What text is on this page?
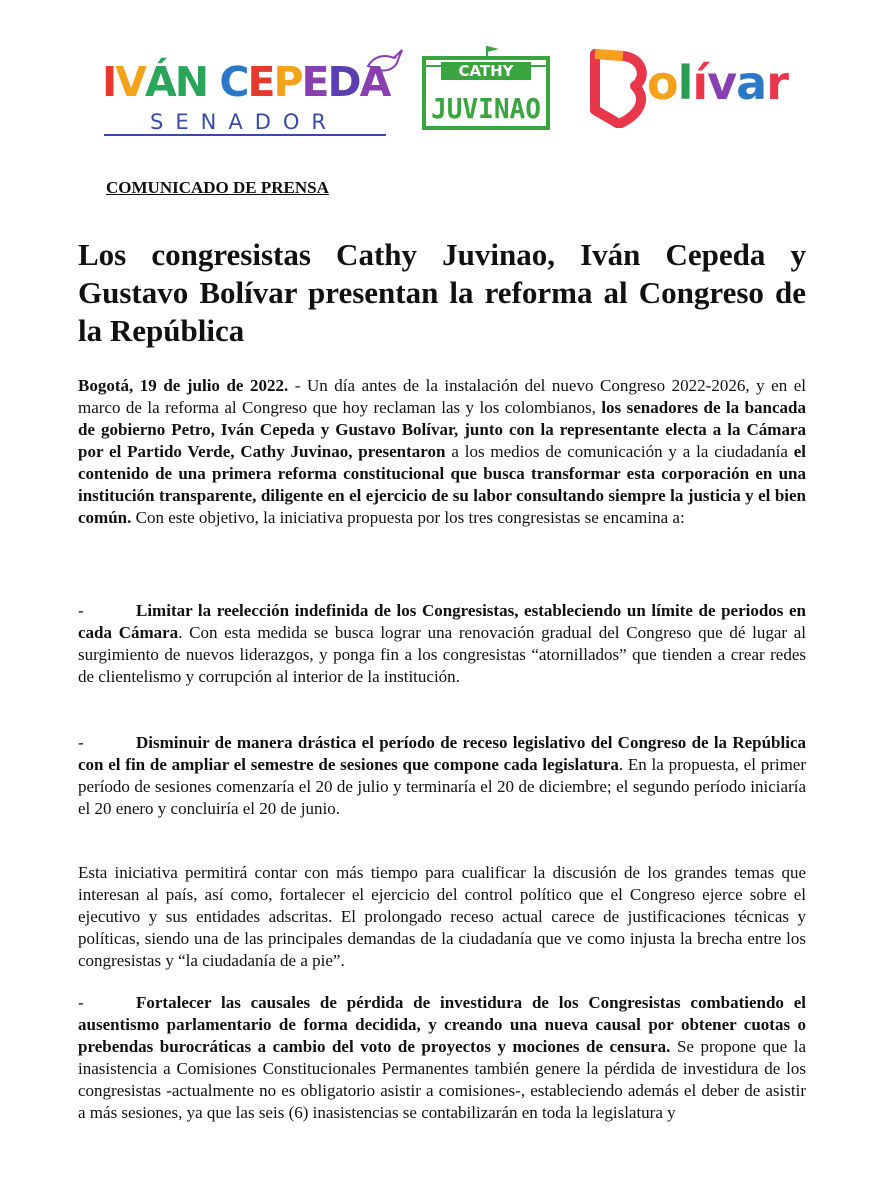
IVÁN CEPEDA
SENADOR
CATHY
JUVINAO olívar
COMUNICADO DE PRENSA
Los congresistas Cathy Juvinao, Iván Cepeda y Gustavo Bolívar presentan la reforma al Congreso de la República

Bogotá, 19 de julio de 2022. - Un día antes de la instalación del nuevo Congreso 2022-2026, y en el marco de la reforma al Congreso que hoy reclaman las y los colombianos, los senadores de la bancada de gobierno Petro, Iván Cepeda y Gustavo Bolívar, junto con la representante electa a la Cámara por el Partido Verde, Cathy Juvinao, presentaron a los medios de comunicación y a la ciudadanía el contenido de una primera reforma constitucional que busca transformar esta corporación en una institución transparente, diligente en el ejercicio de su labor consultando siempre la justicia y el bien común. Con este objetivo, la iniciativa propuesta por los tres congresistas se encamina a:

-	Limitar la reelección indefinida de los Congresistas, estableciendo un límite de periodos en cada Cámara. Con esta medida se busca lograr una renovación gradual del Congreso que dé lugar al surgimiento de nuevos liderazgos, y ponga fin a los congresistas “atornillados” que tienden a crear redes de clientelismo y corrupción al interior de la institución.

-	Disminuir de manera drástica el período de receso legislativo del Congreso de la República con el fin de ampliar el semestre de sesiones que compone cada legislatura. En la propuesta, el primer período de sesiones comenzaría el 20 de julio y terminaría el 20 de diciembre; el segundo período iniciaría el 20 enero y concluiría el 20 de junio.

Esta iniciativa permitirá contar con más tiempo para cualificar la discusión de los grandes temas que interesan al país, así como, fortalecer el ejercicio del control político que el Congreso ejerce sobre el ejecutivo y sus entidades adscritas. El prolongado receso actual carece de justificaciones técnicas y políticas, siendo una de las principales demandas de la ciudadanía que ve como injusta la brecha entre los congresistas y “la ciudadanía de a pie”.

-	Fortalecer las causales de pérdida de investidura de los Congresistas combatiendo el ausentismo parlamentario de forma decidida, y creando una nueva causal por obtener cuotas o prebendas burocráticas a cambio del voto de proyectos y mociones de censura. Se propone que la inasistencia a Comisiones Constitucionales Permanentes también genere la pérdida de investidura de los congresistas -actualmente no es obligatorio asistir a comisiones-, estableciendo además el deber de asistir a más sesiones, ya que las seis (6) inasistencias se contabilizarán en toda la legislatura y
